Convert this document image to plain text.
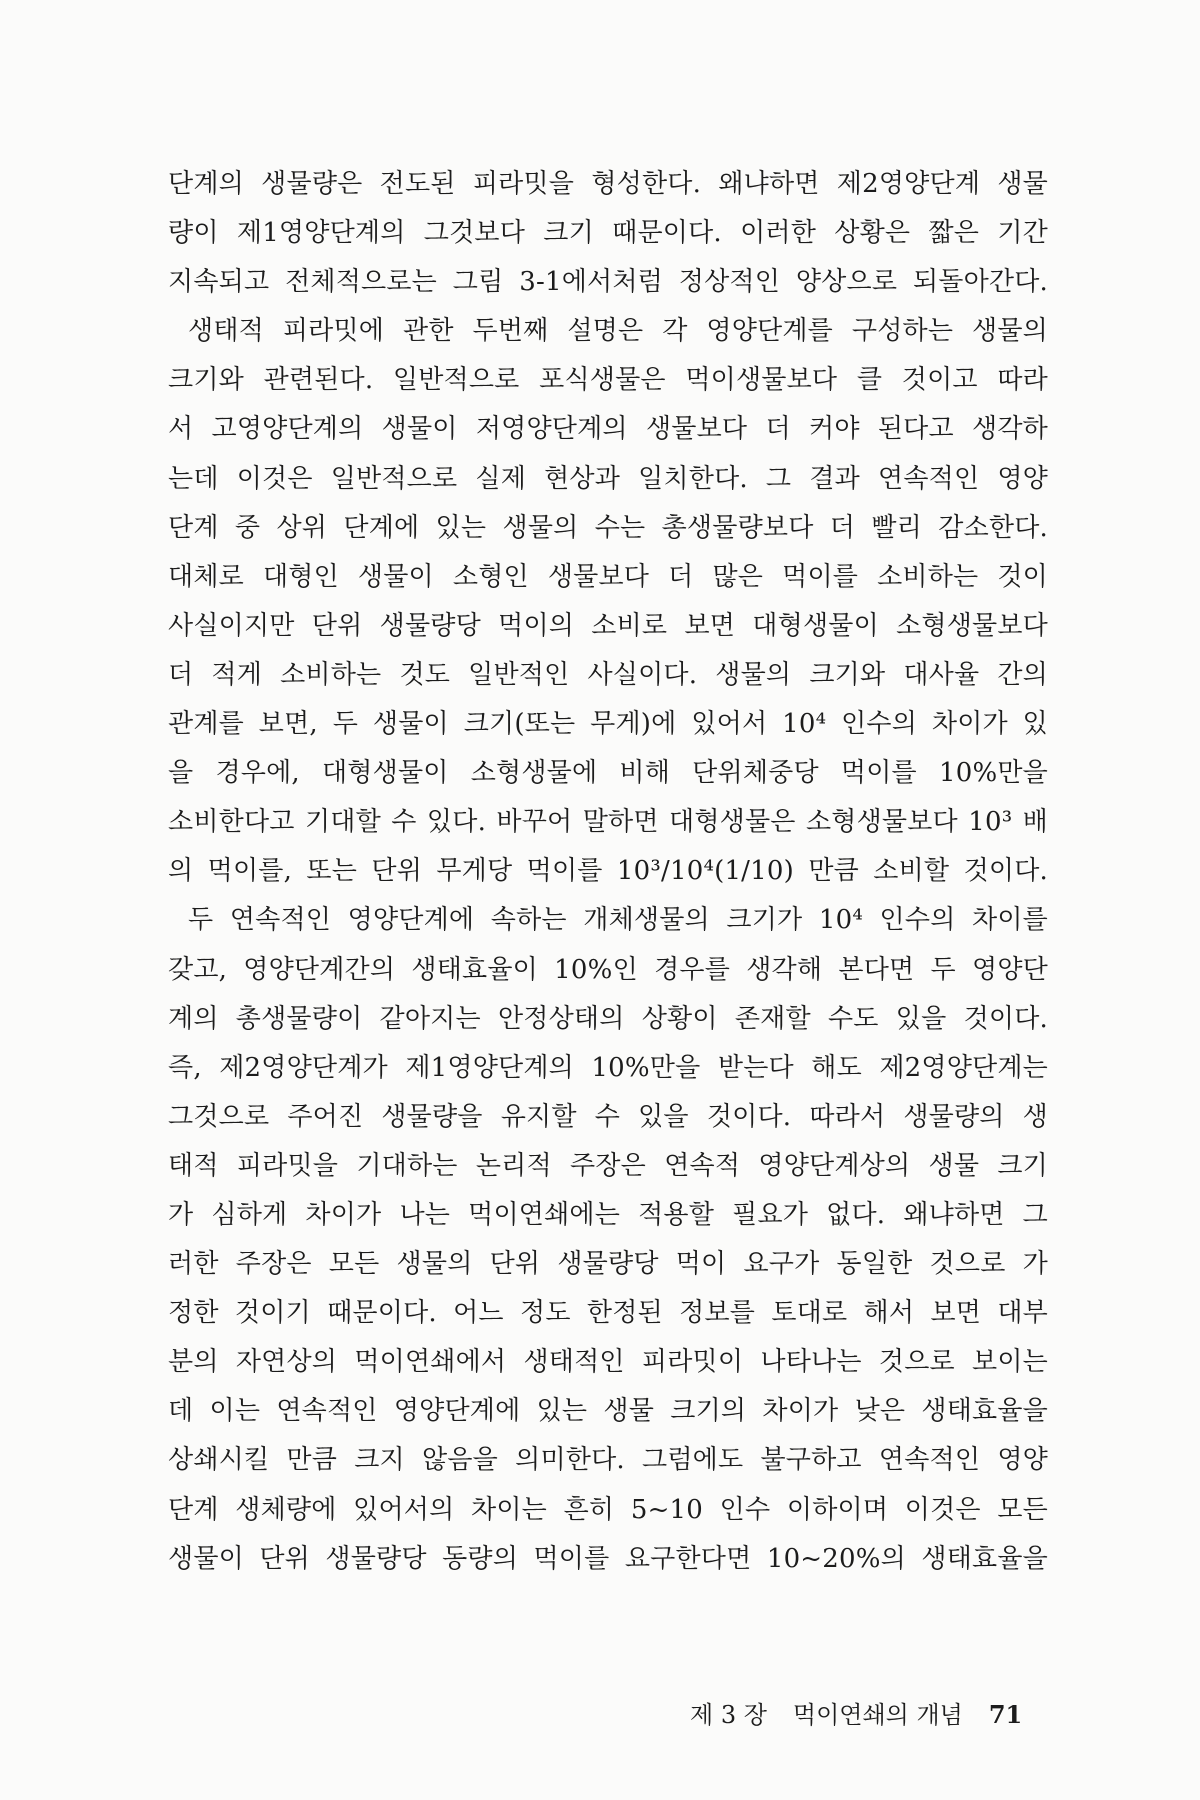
단계의 생물량은 전도된 피라밋을 형성한다. 왜냐하면 제2영양단계 생물
량이 제1영양단계의 그것보다 크기 때문이다. 이러한 상황은 짧은 기간
지속되고 전체적으로는 그림 3-1에서처럼 정상적인 양상으로 되돌아간다.
생태적 피라밋에 관한 두번째 설명은 각 영양단계를 구성하는 생물의
크기와 관련된다. 일반적으로 포식생물은 먹이생물보다 클 것이고 따라
서 고영양단계의 생물이 저영양단계의 생물보다 더 커야 된다고 생각하
는데 이것은 일반적으로 실제 현상과 일치한다. 그 결과 연속적인 영양
단계 중 상위 단계에 있는 생물의 수는 총생물량보다 더 빨리 감소한다.
대체로 대형인 생물이 소형인 생물보다 더 많은 먹이를 소비하는 것이
사실이지만 단위 생물량당 먹이의 소비로 보면 대형생물이 소형생물보다
더 적게 소비하는 것도 일반적인 사실이다. 생물의 크기와 대사율 간의
관계를 보면, 두 생물이 크기(또는 무게)에 있어서 10⁴ 인수의 차이가 있
을 경우에, 대형생물이 소형생물에 비해 단위체중당 먹이를 10%만을
소비한다고 기대할 수 있다. 바꾸어 말하면 대형생물은 소형생물보다 10³ 배
의 먹이를, 또는 단위 무게당 먹이를 10³/10⁴(1/10) 만큼 소비할 것이다.
두 연속적인 영양단계에 속하는 개체생물의 크기가 10⁴ 인수의 차이를
갖고, 영양단계간의 생태효율이 10%인 경우를 생각해 본다면 두 영양단
계의 총생물량이 같아지는 안정상태의 상황이 존재할 수도 있을 것이다.
즉, 제2영양단계가 제1영양단계의 10%만을 받는다 해도 제2영양단계는
그것으로 주어진 생물량을 유지할 수 있을 것이다. 따라서 생물량의 생
태적 피라밋을 기대하는 논리적 주장은 연속적 영양단계상의 생물 크기
가 심하게 차이가 나는 먹이연쇄에는 적용할 필요가 없다. 왜냐하면 그
러한 주장은 모든 생물의 단위 생물량당 먹이 요구가 동일한 것으로 가
정한 것이기 때문이다. 어느 정도 한정된 정보를 토대로 해서 보면 대부
분의 자연상의 먹이연쇄에서 생태적인 피라밋이 나타나는 것으로 보이는
데 이는 연속적인 영양단계에 있는 생물 크기의 차이가 낮은 생태효율을
상쇄시킬 만큼 크지 않음을 의미한다. 그럼에도 불구하고 연속적인 영양
단계 생체량에 있어서의 차이는 흔히 5~10 인수 이하이며 이것은 모든
생물이 단위 생물량당 동량의 먹이를 요구한다면 10~20%의 생태효율을
제 3 장 먹이연쇄의 개념 71
